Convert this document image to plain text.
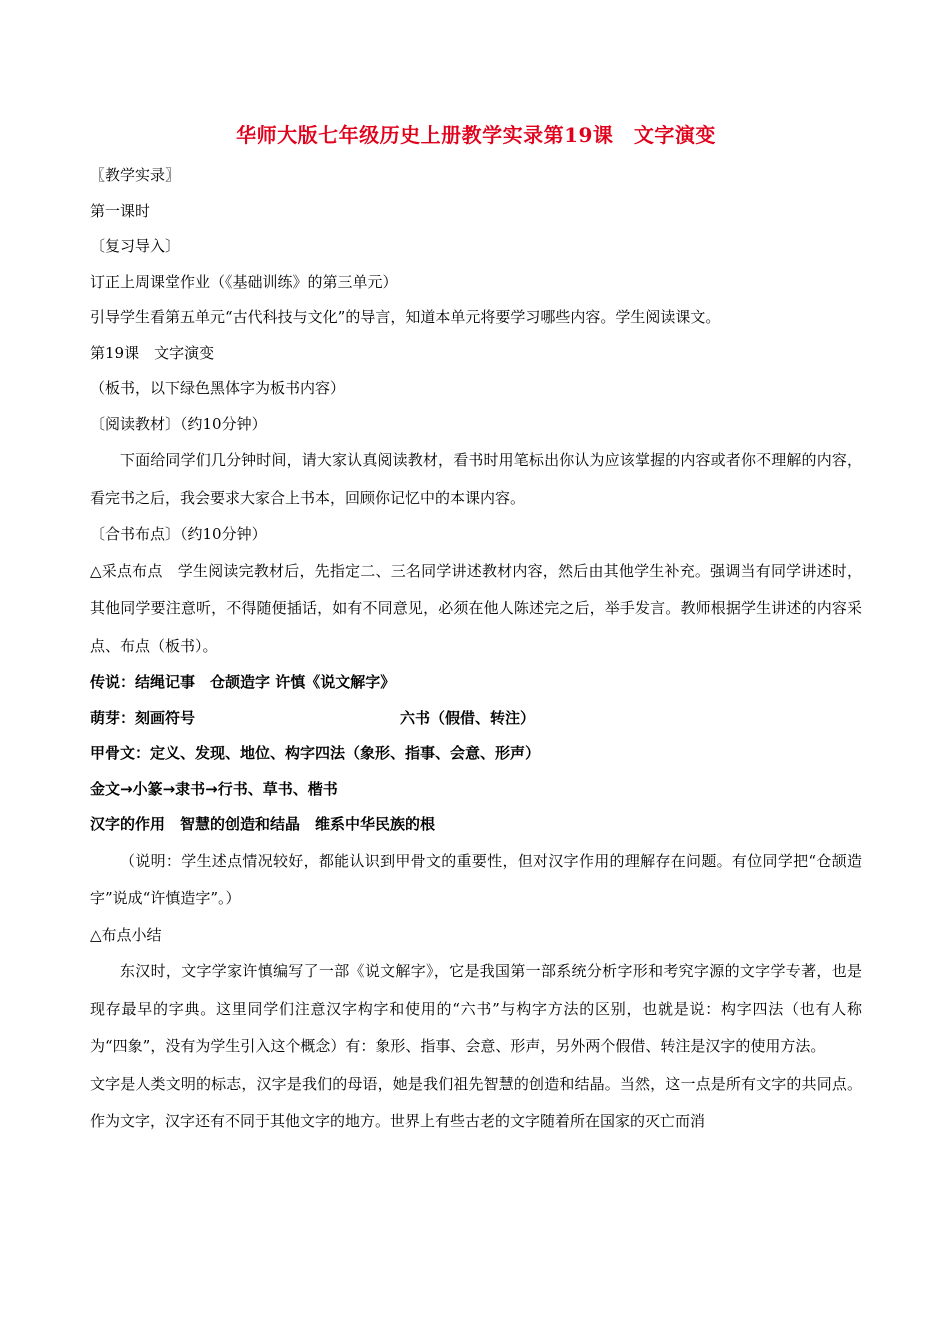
华师大版七年级历史上册教学实录第19课　文字演变
〖教学实录〗
第一课时
〔复习导入〕
订正上周课堂作业（《基础训练》的第三单元）
引导学生看第五单元“古代科技与文化”的导言，知道本单元将要学习哪些内容。学生阅读课文。
第19课　文字演变
（板书，以下绿色黑体字为板书内容）
〔阅读教材〕（约10分钟）
下面给同学们几分钟时间，请大家认真阅读教材，看书时用笔标出你认为应该掌握的内容或者你不理解的内容，看完书之后，我会要求大家合上书本，回顾你记忆中的本课内容。
〔合书布点〕（约10分钟）
△采点布点　学生阅读完教材后，先指定二、三名同学讲述教材内容，然后由其他学生补充。强调当有同学讲述时，其他同学要注意听，不得随便插话，如有不同意见，必须在他人陈述完之后，举手发言。教师根据学生讲述的内容采点、布点（板书）。
传说：结绳记事　仓颉造字 许慎《说文解字》
萌芽：刻画符号	六书（假借、转注）
甲骨文：定义、发现、地位、构字四法（象形、指事、会意、形声）
金文→小篆→隶书→行书、草书、楷书
汉字的作用　智慧的创造和结晶　维系中华民族的根
（说明：学生述点情况较好，都能认识到甲骨文的重要性，但对汉字作用的理解存在问题。有位同学把“仓颉造字”说成“许慎造字”。）
△布点小结
东汉时，文字学家许慎编写了一部《说文解字》，它是我国第一部系统分析字形和考究字源的文字学专著，也是现存最早的字典。这里同学们注意汉字构字和使用的“六书”与构字方法的区别，也就是说：构字四法（也有人称为“四象”，没有为学生引入这个概念）有：象形、指事、会意、形声，另外两个假借、转注是汉字的使用方法。
文字是人类文明的标志，汉字是我们的母语，她是我们祖先智慧的创造和结晶。当然，这一点是所有文字的共同点。作为文字，汉字还有不同于其他文字的地方。世界上有些古老的文字随着所在国家的灭亡而消
